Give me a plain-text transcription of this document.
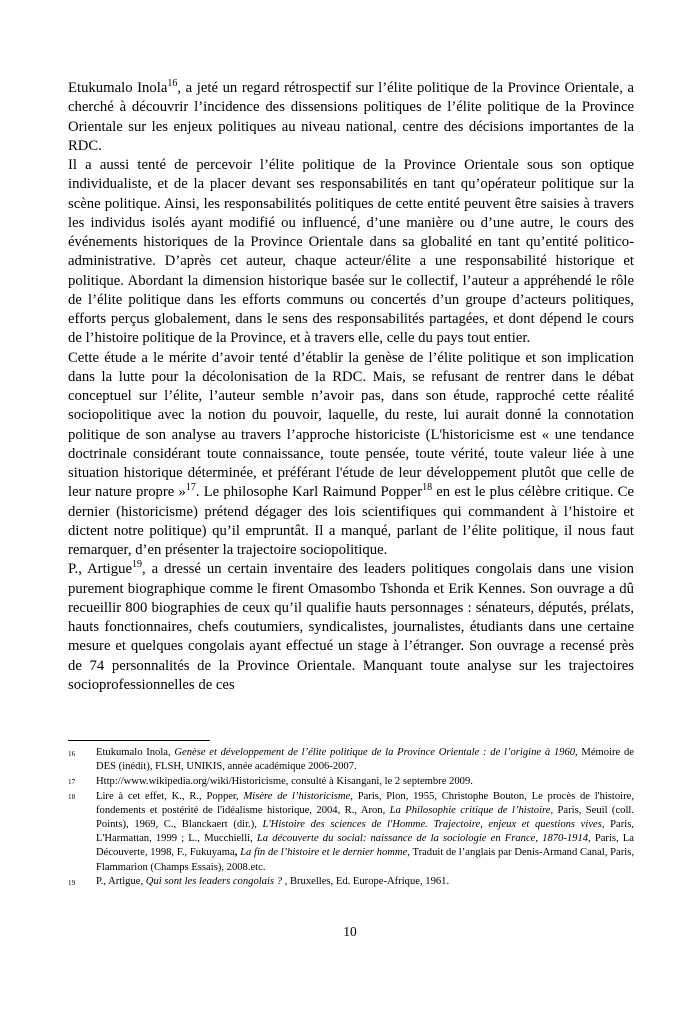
Etukumalo Inola$^{16}$, a jeté un regard rétrospectif sur l’élite politique de la Province Orientale, a cherché à découvrir l’incidence des dissensions politiques de l’élite politique de la Province Orientale sur les enjeux politiques au niveau national, centre des décisions importantes de la RDC.

Il a aussi tenté de percevoir l’élite politique de la Province Orientale sous son optique individualiste, et de la placer devant ses responsabilités en tant qu’opérateur politique sur la scène politique. Ainsi, les responsabilités politiques de cette entité peuvent être saisies à travers les individus isolés ayant modifié ou influencé, d’une manière ou d’une autre, le cours des événements historiques de la Province Orientale dans sa globalité en tant qu’entité politico-administrative. D’après cet auteur, chaque acteur/élite a une responsabilité historique et politique. Abordant la dimension historique basée sur le collectif, l’auteur a appréhendé le rôle de l’élite politique dans les efforts communs ou concertés d’un groupe d’acteurs politiques, efforts perçus globalement, dans le sens des responsabilités partagées, et dont dépend le cours de l’histoire politique de la Province, et à travers elle, celle du pays tout entier.

Cette étude a le mérite d’avoir tenté d’établir la genèse de l’élite politique et son implication dans la lutte pour la décolonisation de la RDC. Mais, se refusant de rentrer dans le débat conceptuel sur l’élite, l’auteur semble n’avoir pas, dans son étude, rapproché cette réalité sociopolitique avec la notion du pouvoir, laquelle, du reste, lui aurait donné la connotation politique de son analyse au travers l’approche historiciste (L'historicisme est « une tendance doctrinale considérant toute connaissance, toute pensée, toute vérité, toute valeur liée à une situation historique déterminée, et préférant l'étude de leur développement plutôt que celle de leur nature propre »$^{17}$. Le philosophe Karl Raimund Popper$^{18}$ en est le plus célèbre critique. Ce dernier (historicisme) prétend dégager des lois scientifiques qui commandent à l’histoire et dictent notre politique) qu’il empruntât. Il a manqué, parlant de l’élite politique, il nous faut remarquer, d’en présenter la trajectoire sociopolitique.

P., Artigue$^{19}$, a dressé un certain inventaire des leaders politiques congolais dans une vision purement biographique comme le firent Omasombo Tshonda et Erik Kennes. Son ouvrage a dû recueillir 800 biographies de ceux qu’il qualifie hauts personnages : sénateurs, députés, prélats, hauts fonctionnaires, chefs coutumiers, syndicalistes, journalistes, étudiants dans une certaine mesure et quelques congolais ayant effectué un stage à l’étranger. Son ouvrage a recensé près de 74 personnalités de la Province Orientale. Manquant toute analyse sur les trajectoires socioprofessionnelles de ces

16	Etukumalo Inola, Genèse et développement de l’élite politique de la Province Orientale : de l’origine à 1960, Mémoire de DES (inédit), FLSH, UNIKIS, année académique 2006-2007.
17	Http://www.wikipedia.org/wiki/Historicisme, consulté à Kisangani, le 2 septembre 2009.
18	Lire à cet effet, K., R., Popper, Misère de l’historicisme, Paris, Plon, 1955, Christophe Bouton, Le procès de l'histoire, fondements et postérité de l'idéalisme historique, 2004, R., Aron, La Philosophie critique de l’histoire, Paris, Seuil (coll. Points), 1969, C., Blanckaert (dir.), L'Histoire des sciences de l'Homme. Trajectoire, enjeux et questions vives, Paris, L'Harmattan, 1999 ; L., Mucchielli, La découverte du social: naissance de la sociologie en France, 1870-1914, Paris, La Découverte, 1998, F., Fukuyama, La fin de l’histoire et le dernier homme, Traduit de l’anglais par Denis-Armand Canal, Paris, Flammarion (Champs Essais), 2008.etc.
19	P., Artigue, Qui sont les leaders congolais ? , Bruxelles, Ed. Europe-Afrique, 1961.
10
